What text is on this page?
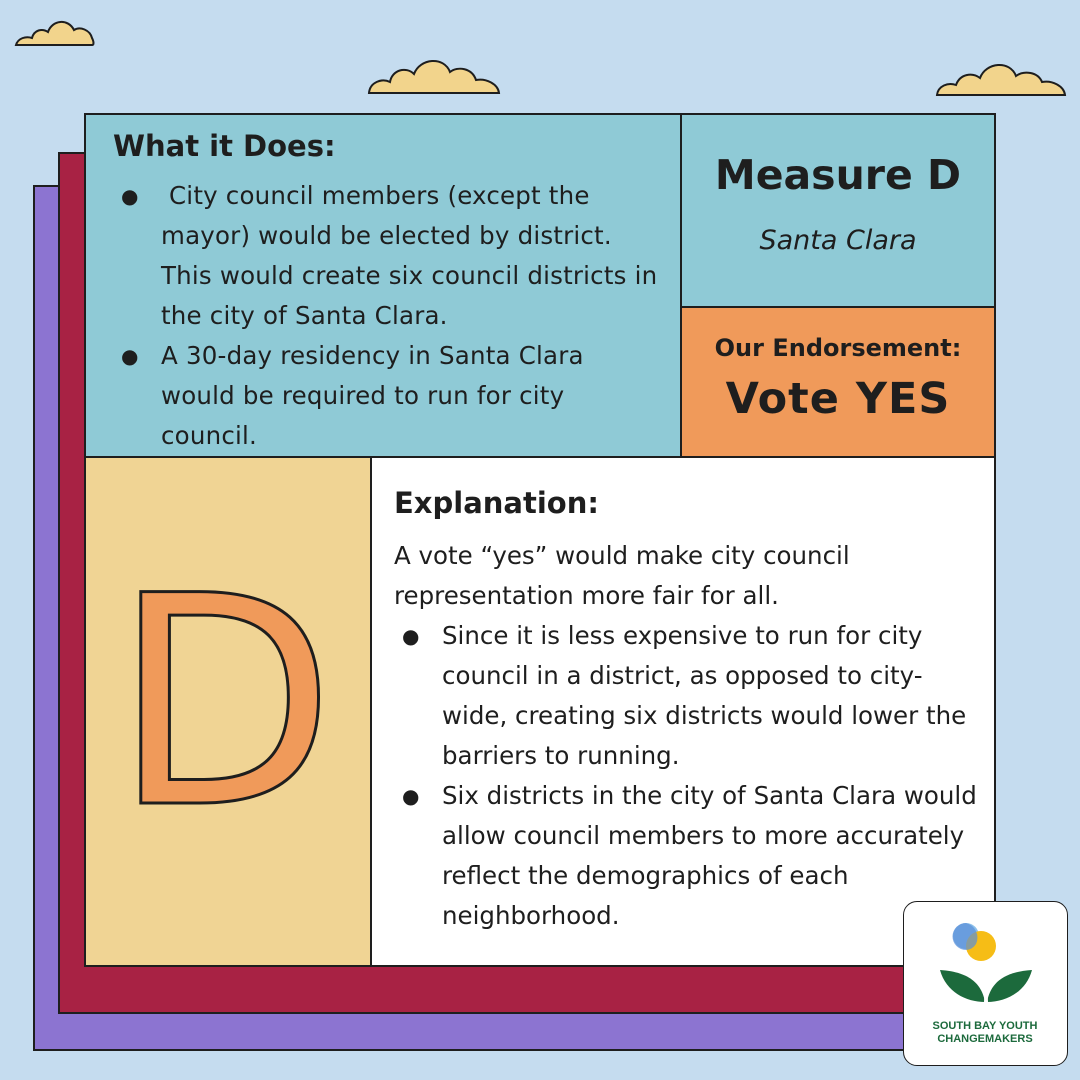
What it Does:
● City council members (except the mayor) would be elected by district. This would create six council districts in the city of Santa Clara.
● A 30-day residency in Santa Clara would be required to run for city council.
Measure D
Santa Clara
Our Endorsement:
Vote YES
D
Explanation:
A vote “yes” would make city council representation more fair for all.
● Since it is less expensive to run for city council in a district, as opposed to city-wide, creating six districts would lower the barriers to running.
● Six districts in the city of Santa Clara would allow council members to more accurately reflect the demographics of each neighborhood.
SOUTH BAY YOUTH
CHANGEMAKERS
